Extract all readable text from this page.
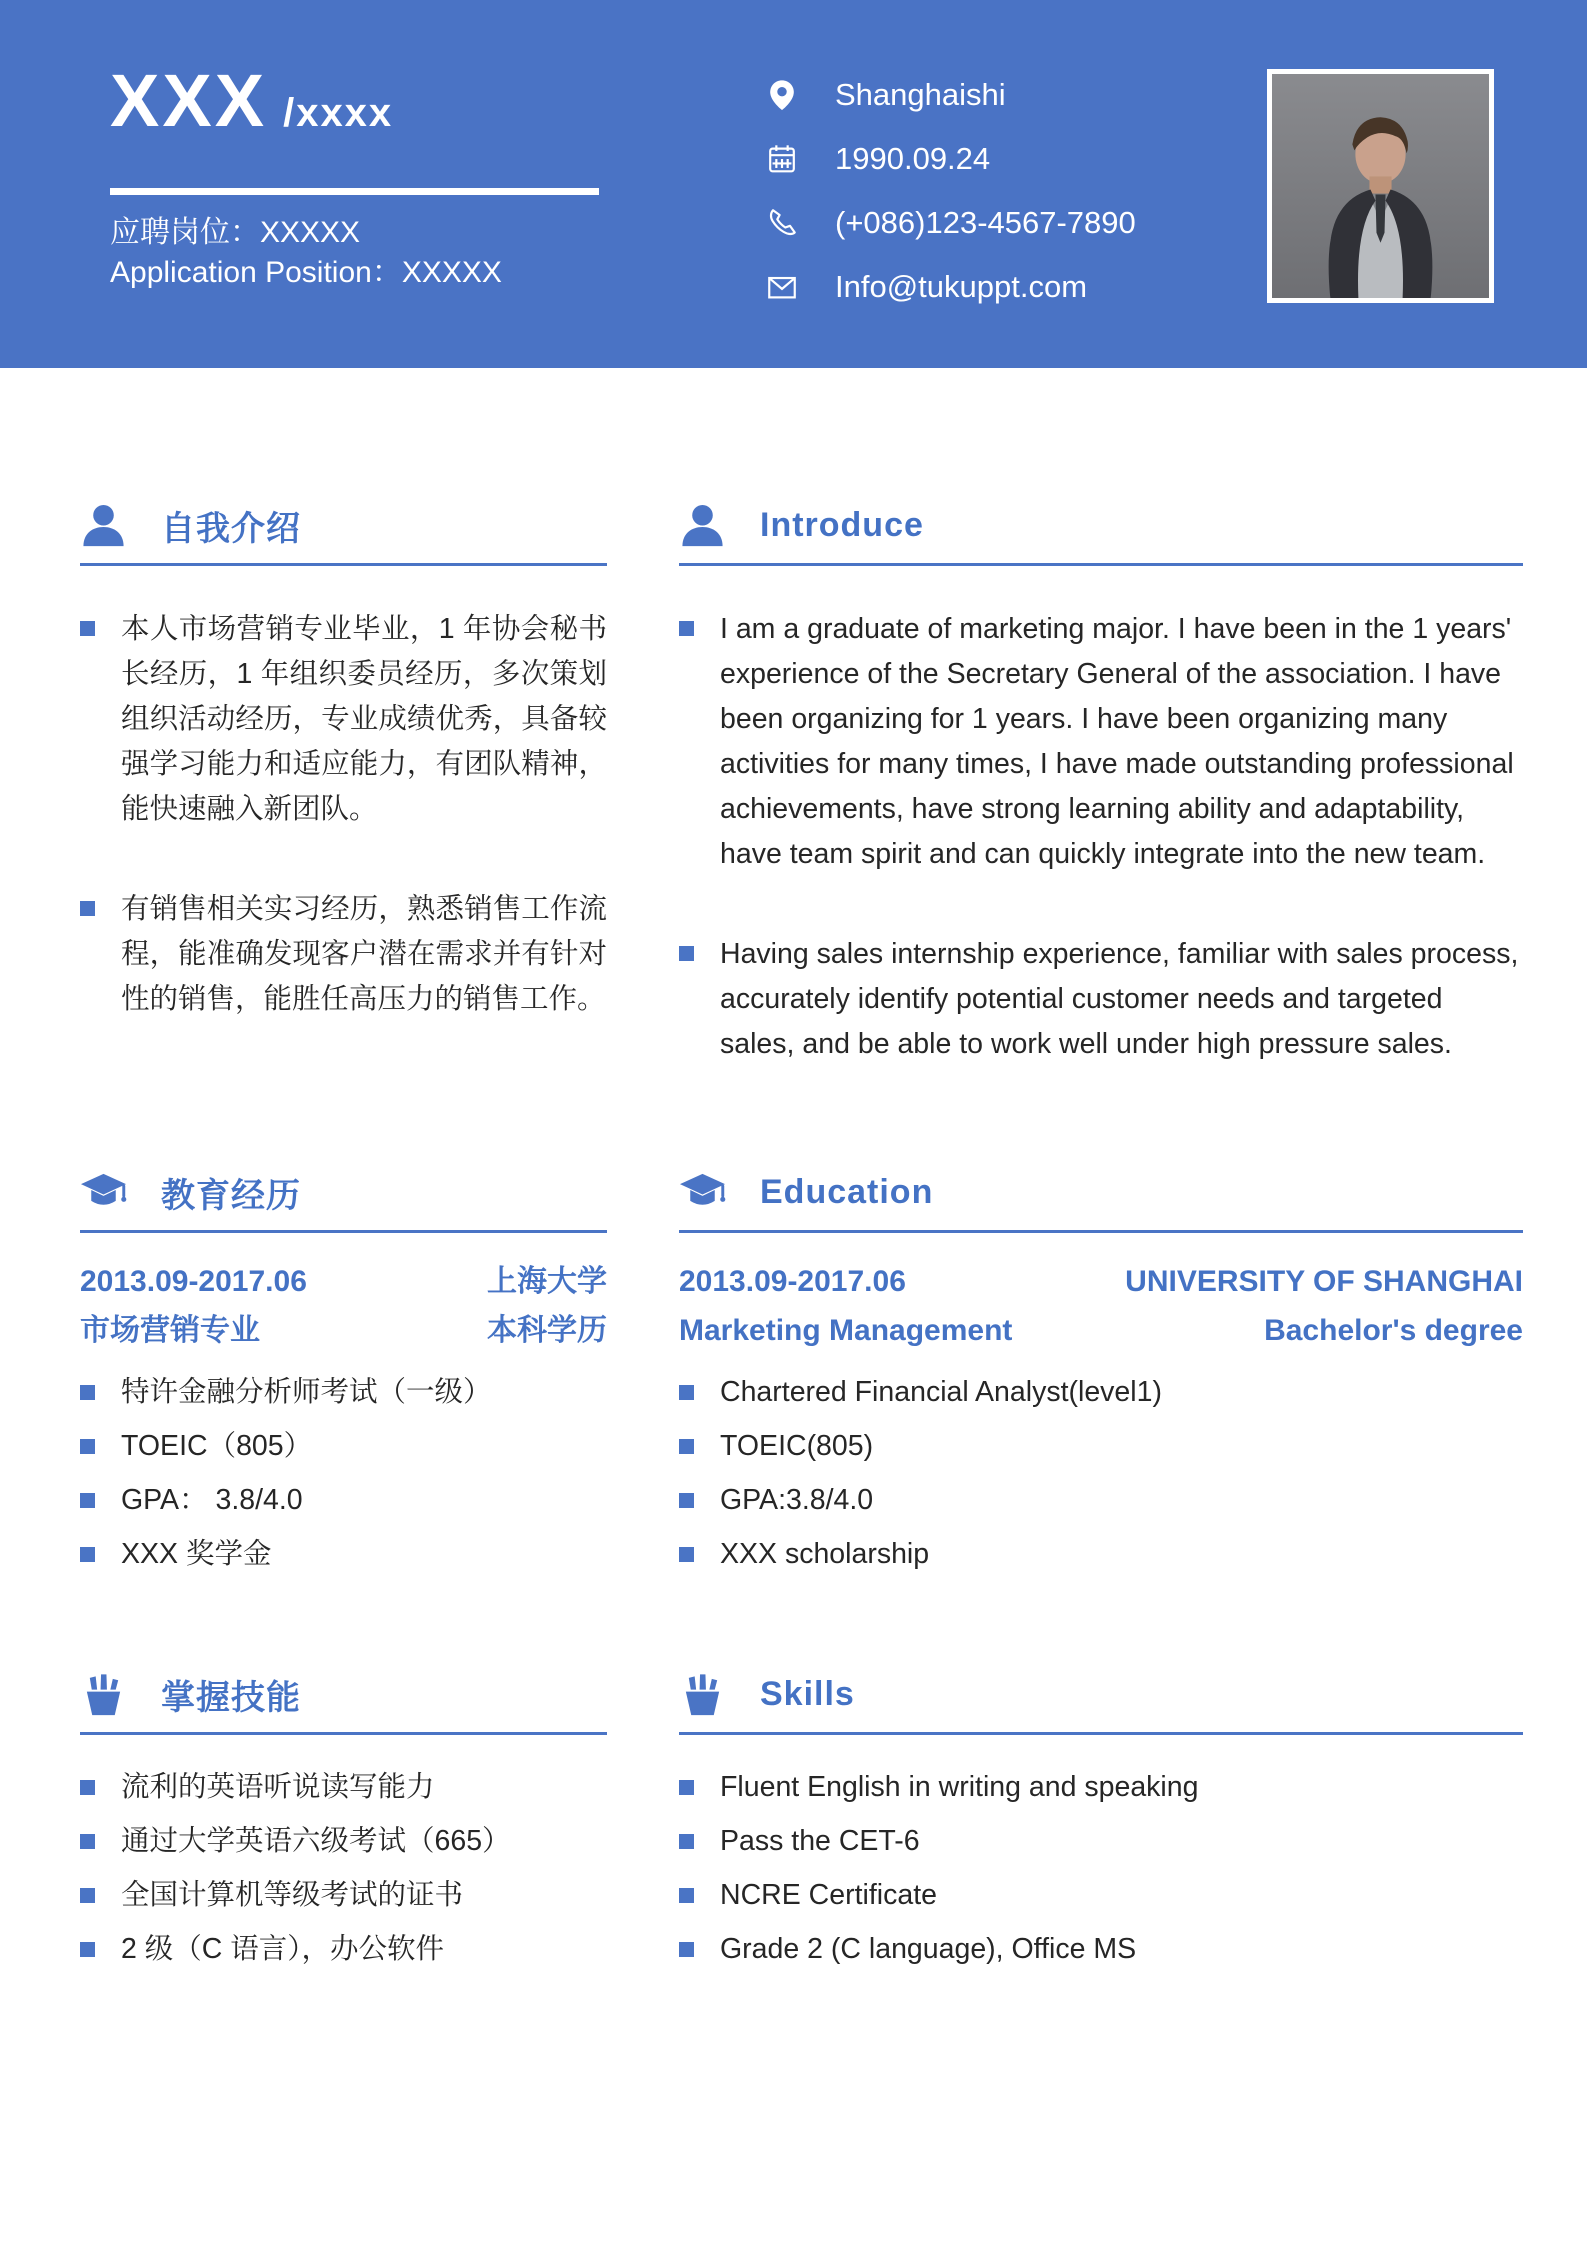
XXX /xxxx
应聘岗位：XXXXX
Application Position：XXXXX
Shanghaishi
1990.09.24
(+086)123-4567-7890
Info@tukuppt.com
自我介绍

本人市场营销专业毕业，1 年协会秘书长经历，1 年组织委员经历，多次策划组织活动经历，专业成绩优秀，具备较强学习能力和适应能力，有团队精神，能快速融入新团队。

有销售相关实习经历，熟悉销售工作流程，能准确发现客户潜在需求并有针对性的销售，能胜任高压力的销售工作。

Introduce

I am a graduate of marketing major. I have been in the 1 years' experience of the Secretary General of the association. I have been organizing for 1 years. I have been organizing many activities for many times, I have made outstanding professional achievements, have strong learning ability and adaptability, have team spirit and can quickly integrate into the new team.

Having sales internship experience, familiar with sales process, accurately identify potential customer needs and targeted sales, and be able to work well under high pressure sales.

教育经历
2013.09-2017.06	上海大学
市场营销专业	本科学历
特许金融分析师考试（一级）
TOEIC（805）
GPA： 3.8/4.0
XXX 奖学金
Education
2013.09-2017.06	UNIVERSITY OF SHANGHAI
Marketing Management	Bachelor's degree
Chartered Financial Analyst(level1)
TOEIC(805)
GPA:3.8/4.0
XXX scholarship
掌握技能
流利的英语听说读写能力
通过大学英语六级考试（665）
全国计算机等级考试的证书
2 级（C 语言），办公软件
Skills
Fluent English in writing and speaking
Pass the CET-6
NCRE Certificate
Grade 2 (C language), Office MS
